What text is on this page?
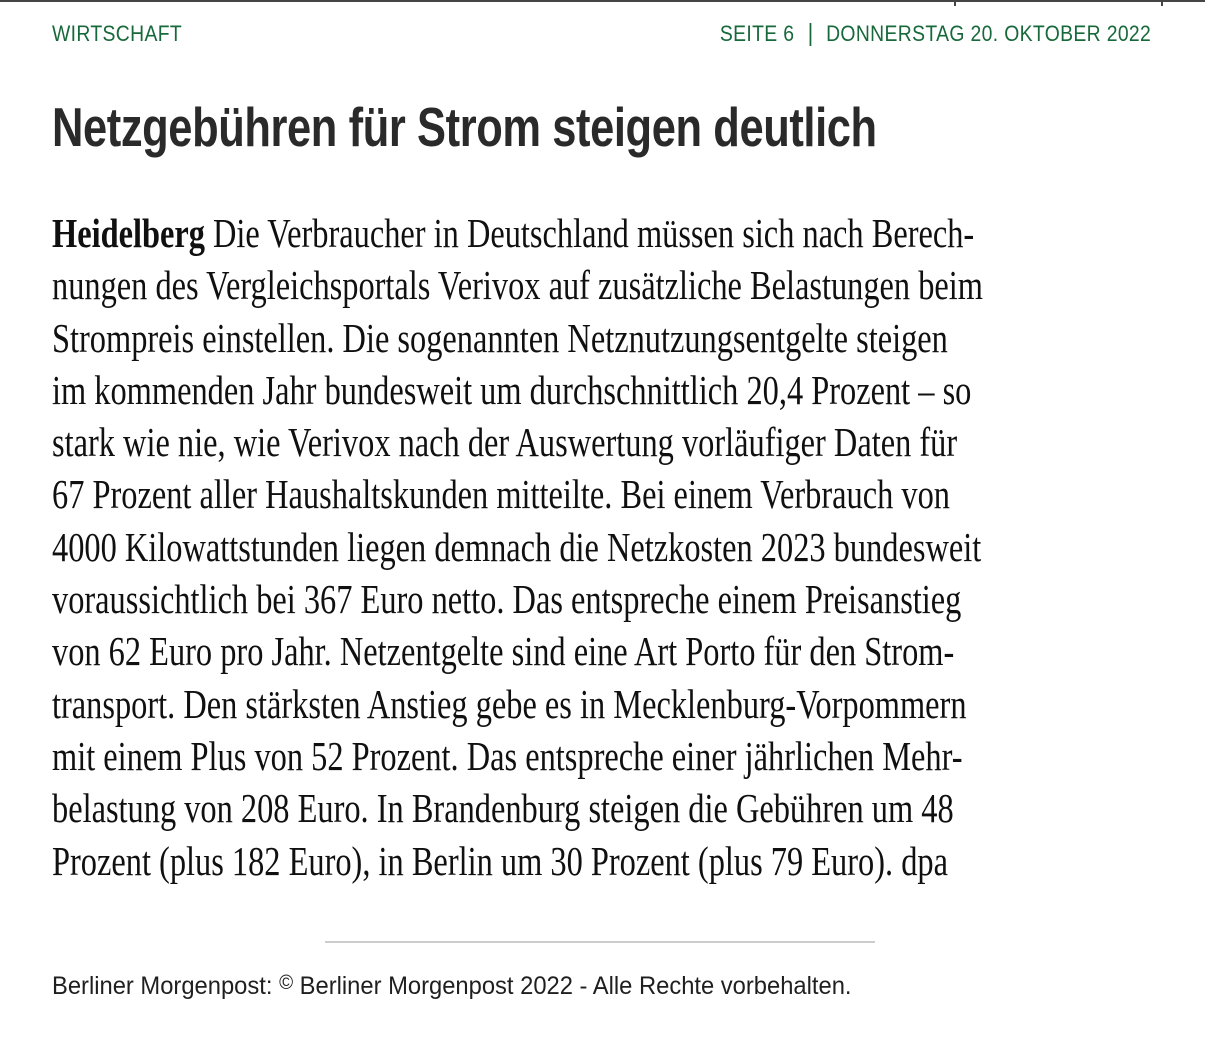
WIRTSCHAFT	SEITE 6 DONNERSTAG 20. OKTOBER 2022
Netzgebühren für Strom steigen deutlich
Heidelberg Die Verbraucher in Deutschland müssen sich nach Berech-
nungen des Vergleichsportals Verivox auf zusätzliche Belastungen beim
Strompreis einstellen. Die sogenannten Netznutzungsentgelte steigen
im kommenden Jahr bundesweit um durchschnittlich 20,4 Prozent – so
stark wie nie, wie Verivox nach der Auswertung vorläufiger Daten für
67 Prozent aller Haushaltskunden mitteilte. Bei einem Verbrauch von
4000 Kilowattstunden liegen demnach die Netzkosten 2023 bundesweit
voraussichtlich bei 367 Euro netto. Das entspreche einem Preisanstieg
von 62 Euro pro Jahr. Netzentgelte sind eine Art Porto für den Strom-
transport. Den stärksten Anstieg gebe es in Mecklenburg-Vorpommern
mit einem Plus von 52 Prozent. Das entspreche einer jährlichen Mehr-
belastung von 208 Euro. In Brandenburg steigen die Gebühren um 48
Prozent (plus 182 Euro), in Berlin um 30 Prozent (plus 79 Euro). dpa
Berliner Morgenpost: © Berliner Morgenpost 2022 - Alle Rechte vorbehalten.
